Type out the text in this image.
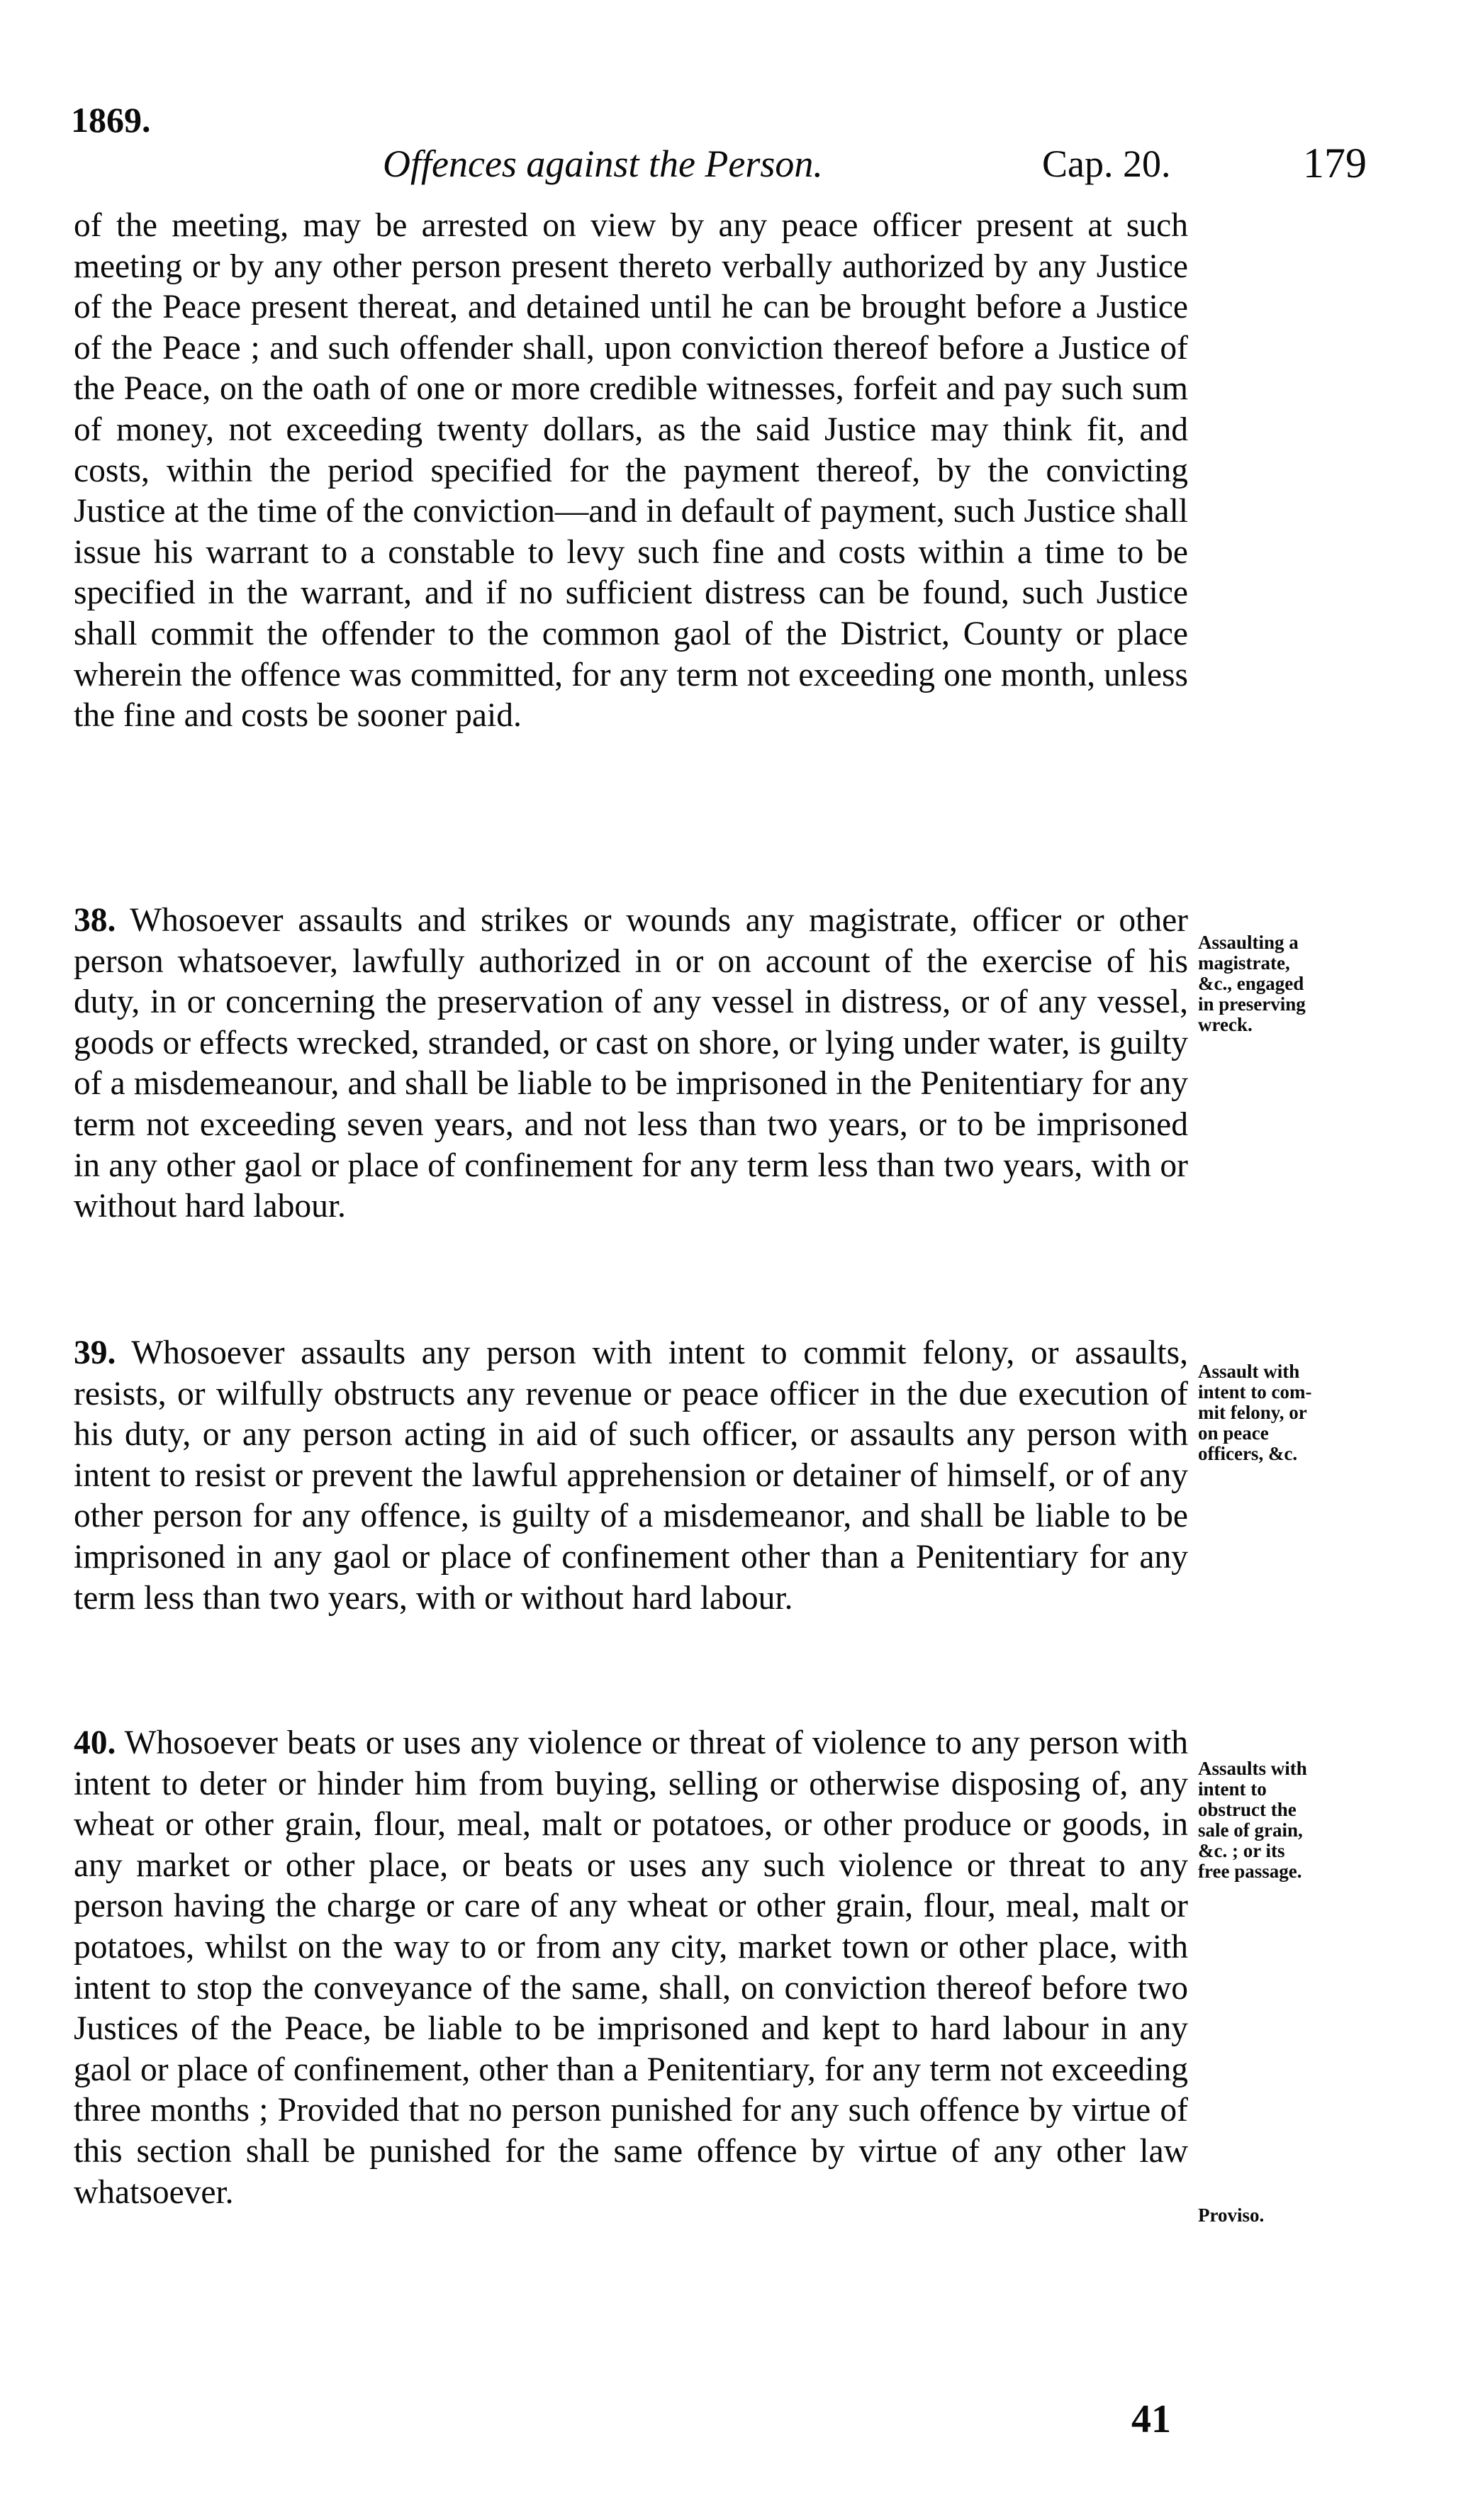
1869.
Offences against the Person.	Cap. 20.	179

of the meeting, may be arrested on view by any peace officer present at such meeting or by any other person present thereto verbally authorized by any Justice of the Peace present thereat, and detained until he can be brought before a Justice of the Peace ; and such offender shall, upon conviction thereof before a Justice of the Peace, on the oath of one or more credible witnesses, forfeit and pay such sum of money, not exceeding twenty dollars, as the said Justice may think fit, and costs, within the period specified for the payment thereof, by the convicting Justice at the time of the conviction—and in default of payment, such Justice shall issue his warrant to a constable to levy such fine and costs within a time to be specified in the warrant, and if no sufficient distress can be found, such Justice shall commit the offender to the common gaol of the District, County or place wherein the offence was committed, for any term not exceeding one month, unless the fine and costs be sooner paid.

38. Whosoever assaults and strikes or wounds any magistrate, officer or other person whatsoever, lawfully authorized in or on account of the exercise of his duty, in or concerning the preservation of any vessel in distress, or of any vessel, goods or effects wrecked, stranded, or cast on shore, or lying under water, is guilty of a misdemeanour, and shall be liable to be imprisoned in the Penitentiary for any term not exceeding seven years, and not less than two years, or to be imprisoned in any other gaol or place of confinement for any term less than two years, with or without hard labour.

Assaulting a
magistrate,
&c., engaged
in preserving
wreck.

39. Whosoever assaults any person with intent to commit felony, or assaults, resists, or wilfully obstructs any revenue or peace officer in the due execution of his duty, or any person acting in aid of such officer, or assaults any person with intent to resist or prevent the lawful apprehension or detainer of himself, or of any other person for any offence, is guilty of a misdemeanor, and shall be liable to be imprisoned in any gaol or place of confinement other than a Penitentiary for any term less than two years, with or without hard labour.

Assault with
intent to com-
mit felony, or
on peace
officers, &c.

40. Whosoever beats or uses any violence or threat of violence to any person with intent to deter or hinder him from buying, selling or otherwise disposing of, any wheat or other grain, flour, meal, malt or potatoes, or other produce or goods, in any market or other place, or beats or uses any such violence or threat to any person having the charge or care of any wheat or other grain, flour, meal, malt or potatoes, whilst on the way to or from any city, market town or other place, with intent to stop the conveyance of the same, shall, on conviction thereof before two Justices of the Peace, be liable to be imprisoned and kept to hard labour in any gaol or place of confinement, other than a Penitentiary, for any term not exceeding three months ; Provided that no person punished for any such offence by virtue of this section shall be punished for the same offence by virtue of any other law whatsoever.

Assaults with
intent to
obstruct the
sale of grain,
&c. ; or its
free passage.
Proviso.
41
